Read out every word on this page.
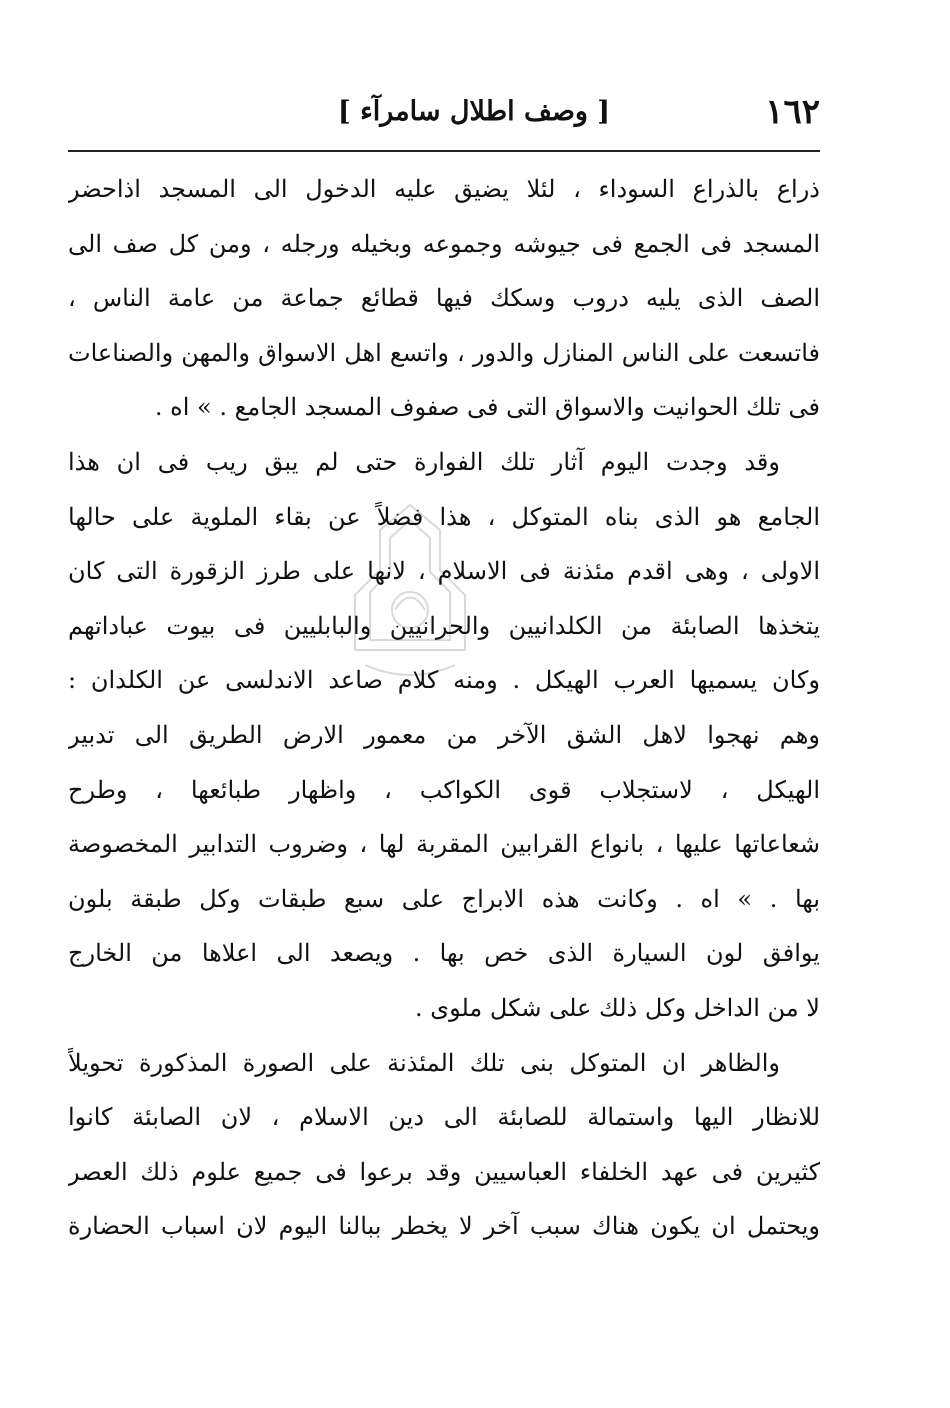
١٦٢
[ وصف اطلال سامرآء ]
ذراع بالذراع السوداء ، لئلا يضيق عليه الدخول الى المسجد اذاحضر
المسجد فى الجمع فى جيوشه وجموعه وبخيله ورجله ، ومن كل صف الى
الصف الذى يليه دروب وسكك فيها قطائع جماعة من عامة الناس ،
فاتسعت على الناس المنازل والدور ، واتسع اهل الاسواق والمهن والصناعات
فى تلك الحوانيت والاسواق التى فى صفوف المسجد الجامع . » اه .
وقد وجدت اليوم آثار تلك الفوارة حتى لم يبق ريب فى ان هذا
الجامع هو الذى بناه المتوكل ، هذا فضلاً عن بقاء الملوية على حالها
الاولى ، وهى اقدم مئذنة فى الاسلام ، لانها على طرز الزقورة التى كان
يتخذها الصابئة من الكلدانيين والحرانيين والبابليين فى بيوت عباداتهم
وكان يسميها العرب الهيكل . ومنه كلام صاعد الاندلسى عن الكلدان :
وهم نهجوا لاهل الشق الآخر من معمور الارض الطريق الى تدبير
الهيكل ، لاستجلاب قوى الكواكب ، واظهار طبائعها ، وطرح
شعاعاتها عليها ، بانواع القرابين المقربة لها ، وضروب التدابير المخصوصة
بها . » اه . وكانت هذه الابراج على سبع طبقات وكل طبقة بلون
يوافق لون السيارة الذى خص بها . ويصعد الى اعلاها من الخارج
لا من الداخل وكل ذلك على شكل ملوى .
والظاهر ان المتوكل بنى تلك المئذنة على الصورة المذكورة تحويلاً
للانظار اليها واستمالة للصابئة الى دين الاسلام ، لان الصابئة كانوا
كثيرين فى عهد الخلفاء العباسيين وقد برعوا فى جميع علوم ذلك العصر
ويحتمل ان يكون هناك سبب آخر لا يخطر ببالنا اليوم لان اسباب الحضارة
